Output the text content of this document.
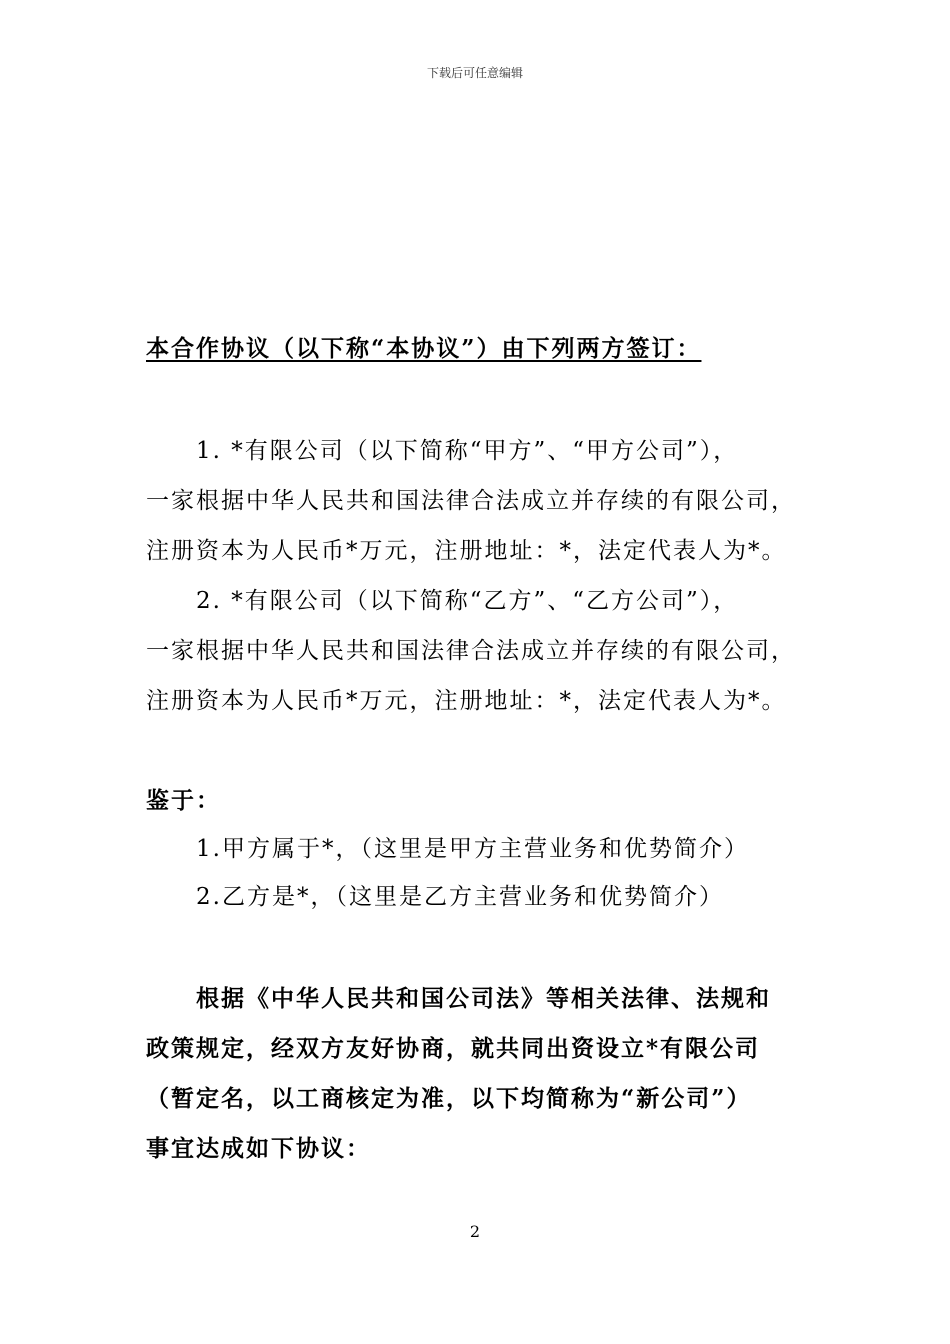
下载后可任意编辑
本合作协议（以下称“本协议”）由下列两方签订：
1. *有限公司（以下简称“甲方”、“甲方公司”），
一家根据中华人民共和国法律合法成立并存续的有限公司，
注册资本为人民币*万元，注册地址：*，法定代表人为*。
2. *有限公司（以下简称“乙方”、“乙方公司”），
一家根据中华人民共和国法律合法成立并存续的有限公司，
注册资本为人民币*万元，注册地址：*，法定代表人为*。
鉴于：
1.甲方属于*，（这里是甲方主营业务和优势简介）
2.乙方是*，（这里是乙方主营业务和优势简介）
根据《中华人民共和国公司法》等相关法律、法规和
政策规定，经双方友好协商，就共同出资设立*有限公司
（暂定名，以工商核定为准，以下均简称为“新公司”）
事宜达成如下协议：
2
